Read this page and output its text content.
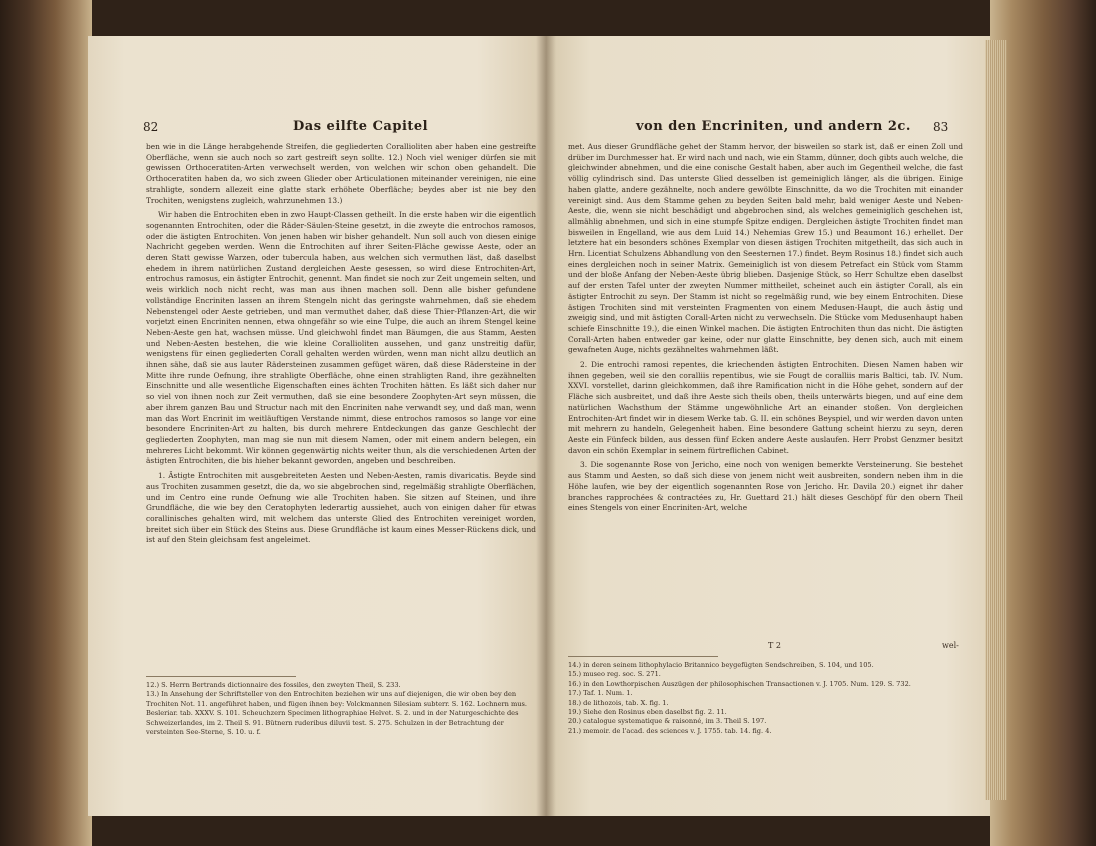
82	Das eilfte Capitel

ben wie in die Länge herabgehende Streifen, die gegliederten Corallioliten aber haben eine gestreifte Oberfläche, wenn sie auch noch so zart gestreift seyn sollte. 12.) Noch viel weniger dürfen sie mit gewissen Orthoceratiten-Arten verwechselt werden, von welchen wir schon oben gehandelt. Die Orthoceratiten haben da, wo sich zween Glieder ober Articulationen miteinander vereinigen, nie eine strahligte, sondern allezeit eine glatte stark erhöhete Oberfläche; beydes aber ist nie bey den Trochiten, wenigstens zugleich, wahrzunehmen 13.)

Wir haben die Entrochiten eben in zwo Haupt-Classen getheilt. In die erste haben wir die eigentlich sogenannten Entrochiten, oder die Räder-Säulen-Steine gesetzt, in die zweyte die entrochos ramosos, oder die ästigten Entrochiten. Von jenen haben wir bisher gehandelt. Nun soll auch von diesen einige Nachricht gegeben werden. Wenn die Entrochiten auf ihrer Seiten-Fläche gewisse Aeste, oder an deren Statt gewisse Warzen, oder tubercula haben, aus welchen sich vermuthen läst, daß daselbst ehedem in ihrem natürlichen Zustand dergleichen Aeste gesessen, so wird diese Entrochiten-Art, entrochus ramosus, ein ästigter Entrochit, genennt. Man findet sie noch zur Zeit ungemein selten, und weis wirklich noch nicht recht, was man aus ihnen machen soll. Denn alle bisher gefundene vollständige Encriniten lassen an ihrem Stengeln nicht das geringste wahrnehmen, daß sie ehedem Nebenstengel oder Aeste getrieben, und man vermuthet daher, daß diese Thier-Pflanzen-Art, die wir vorjetzt einen Encriniten nennen, etwa ohngefähr so wie eine Tulpe, die auch an ihrem Stengel keine Neben-Aeste gen hat, wachsen müsse. Und gleichwohl findet man Bäumgen, die aus Stamm, Aesten und Neben-Aesten bestehen, die wie kleine Corallioliten aussehen, und ganz unstreitig dafür, wenigstens für einen gegliederten Corall gehalten werden würden, wenn man nicht allzu deutlich an ihnen sähe, daß sie aus lauter Rädersteinen zusammen gefüget wären, daß diese Rädersteine in der Mitte ihre runde Oefnung, ihre strahligte Oberfläche, ohne einen strahligten Rand, ihre gezähnelten Einschnitte und alle wesentliche Eigenschaften eines ächten Trochiten hätten. Es läßt sich daher nur so viel von ihnen noch zur Zeit vermuthen, daß sie eine besondere Zoophyten-Art seyn müssen, die aber ihrem ganzen Bau und Structur nach mit den Encriniten nahe verwandt sey, und daß man, wenn man das Wort Encrinit im weitläuftigen Verstande nimmt, diese entrochos ramosos so lange vor eine besondere Encriniten-Art zu halten, bis durch mehrere Entdeckungen das ganze Geschlecht der gegliederten Zoophyten, man mag sie nun mit diesem Namen, oder mit einem andern belegen, ein mehreres Licht bekommt. Wir können gegenwärtig nichts weiter thun, als die verschiedenen Arten der ästigten Entrochiten, die bis hieher bekannt geworden, angeben und beschreiben.

1. Ästigte Entrochiten mit ausgebreiteten Aesten und Neben-Aesten, ramis divaricatis. Beyde sind aus Trochiten zusammen gesetzt, die da, wo sie abgebrochen sind, regelmäßig strahligte Oberflächen, und im Centro eine runde Oefnung wie alle Trochiten haben. Sie sitzen auf Steinen, und ihre Grundfläche, die wie bey den Ceratophyten lederartig aussiehet, auch von einigen daher für etwas corallinisches gehalten wird, mit welchem das unterste Glied des Entrochiten vereiniget worden, breitet sich über ein Stück des Steins aus. Diese Grundfläche ist kaum eines Messer-Rückens dick, und ist auf den Stein gleichsam fest angeleimet.

12.) S. Herrn Bertrands dictionnaire des fossiles, den zweyten Theil, S. 233.
13.) In Ansehung der Schriftsteller von den Entrochiten beziehen wir uns auf diejenigen, die wir oben bey den Trochiten Not. 11. angeführet haben, und fügen ihnen bey: Volckmannen Silesiam subterr. S. 162. Lochnern mus. Besleriar. tab. XXXV. S. 101. Scheuchzern Specimen lithographiae Helvet. S. 2. und in der Naturgeschichte des Schweizerlandes, im 2. Theil S. 91. Bütnern ruderibus diluvii test. S. 275. Schulzen in der Betrachtung der versteinten See-Sterne, S. 10. u. f.
von den Encriniten, und andern 2c. 83

met. Aus dieser Grundfläche gehet der Stamm hervor, der bisweilen so stark ist, daß er einen Zoll und drüber im Durchmesser hat. Er wird nach und nach, wie ein Stamm, dünner, doch gibts auch welche, die gleichwinder abnehmen, und die eine conische Gestalt haben, aber auch im Gegentheil welche, die fast völlig cylindrisch sind. Das unterste Glied desselben ist gemeiniglich länger, als die übrigen. Einige haben glatte, andere gezähnelte, noch andere gewölbte Einschnitte, da wo die Trochiten mit einander vereinigt sind. Aus dem Stamme gehen zu beyden Seiten bald mehr, bald weniger Aeste und Neben-Aeste, die, wenn sie nicht beschädigt und abgebrochen sind, als welches gemeiniglich geschehen ist, allmählig abnehmen, und sich in eine stumpfe Spitze endigen. Dergleichen ästigte Trochiten findet man bisweilen in Engelland, wie aus dem Luid 14.) Nehemias Grew 15.) und Beaumont 16.) erhellet. Der letztere hat ein besonders schönes Exemplar von diesen ästigen Trochiten mitgetheilt, das sich auch in Hrn. Licentiat Schulzens Abhandlung von den Seesternen 17.) findet. Beym Rosinus 18.) findet sich auch eines dergleichen noch in seiner Matrix. Gemeiniglich ist von diesem Petrefact ein Stück vom Stamm und der bloße Anfang der Neben-Aeste übrig blieben. Dasjenige Stück, so Herr Schultze eben daselbst auf der ersten Tafel unter der zweyten Nummer mittheilet, scheinet auch ein ästigter Corall, als ein ästigter Entrochit zu seyn. Der Stamm ist nicht so regelmäßig rund, wie bey einem Entrochiten. Diese ästigen Trochiten sind mit versteinten Fragmenten von einem Medusen-Haupt, die auch ästig und zweigig sind, und mit ästigten Corall-Arten nicht zu verwechseln. Die Stücke vom Medusenhaupt haben schiefe Einschnitte 19.), die einen Winkel machen. Die ästigten Entrochiten thun das nicht. Die ästigten Corall-Arten haben entweder gar keine, oder nur glatte Einschnitte, bey denen sich, auch mit einem gewafneten Auge, nichts gezähneltes wahrnehmen läßt.

2. Die entrochi ramosi repentes, die kriechenden ästigten Entrochiten. Diesen Namen haben wir ihnen gegeben, weil sie den coralliis repentibus, wie sie Fougt de coralliis maris Baltici, tab. IV. Num. XXVI. vorstellet, darinn gleichkommen, daß ihre Ramification nicht in die Höhe gehet, sondern auf der Fläche sich ausbreitet, und daß ihre Aeste sich theils oben, theils unterwärts biegen, und auf eine dem natürlichen Wachsthum der Stämme ungewöhnliche Art an einander stoßen. Von dergleichen Entrochiten-Art findet wir in diesem Werke tab. G. II. ein schönes Beyspiel, und wir werden davon unten mit mehrern zu handeln, Gelegenheit haben. Eine besondere Gattung scheint hierzu zu seyn, deren Aeste ein Fünfeck bilden, aus dessen fünf Ecken andere Aeste auslaufen. Herr Probst Genzmer besitzt davon ein schön Exemplar in seinem fürtreflichen Cabinet.

3. Die sogenannte Rose von Jericho, eine noch von wenigen bemerkte Versteinerung. Sie bestehet aus Stamm und Aesten, so daß sich diese von jenem nicht weit ausbreiten, sondern neben ihm in die Höhe laufen, wie bey der eigentlich sogenannten Rose von Jericho. Hr. Davila 20.) eignet ihr daher branches rapprochées & contractées zu, Hr. Guettard 21.) hält dieses Geschöpf für den obern Theil eines Stengels von einer Encriniten-Art, welche

T 2	wel-
14.) in deren seinem lithophylacio Britannico beygefügten Sendschreiben, S. 104, und 105.
15.) museo reg. soc. S. 271.
16.) in den Lowthorpischen Auszügen der philosophischen Transactionen v. J. 1705. Num. 129. S. 732.
17.) Taf. 1. Num. 1.
18.) de lithozois, tab. X. fig. 1.
19.) Siehe den Rosinus eben daselbst fig. 2. 11.
20.) catalogue systematique & raisonné, im 3. Theil S. 197.
21.) memoir. de l'acad. des sciences v. J. 1755. tab. 14. fig. 4.
